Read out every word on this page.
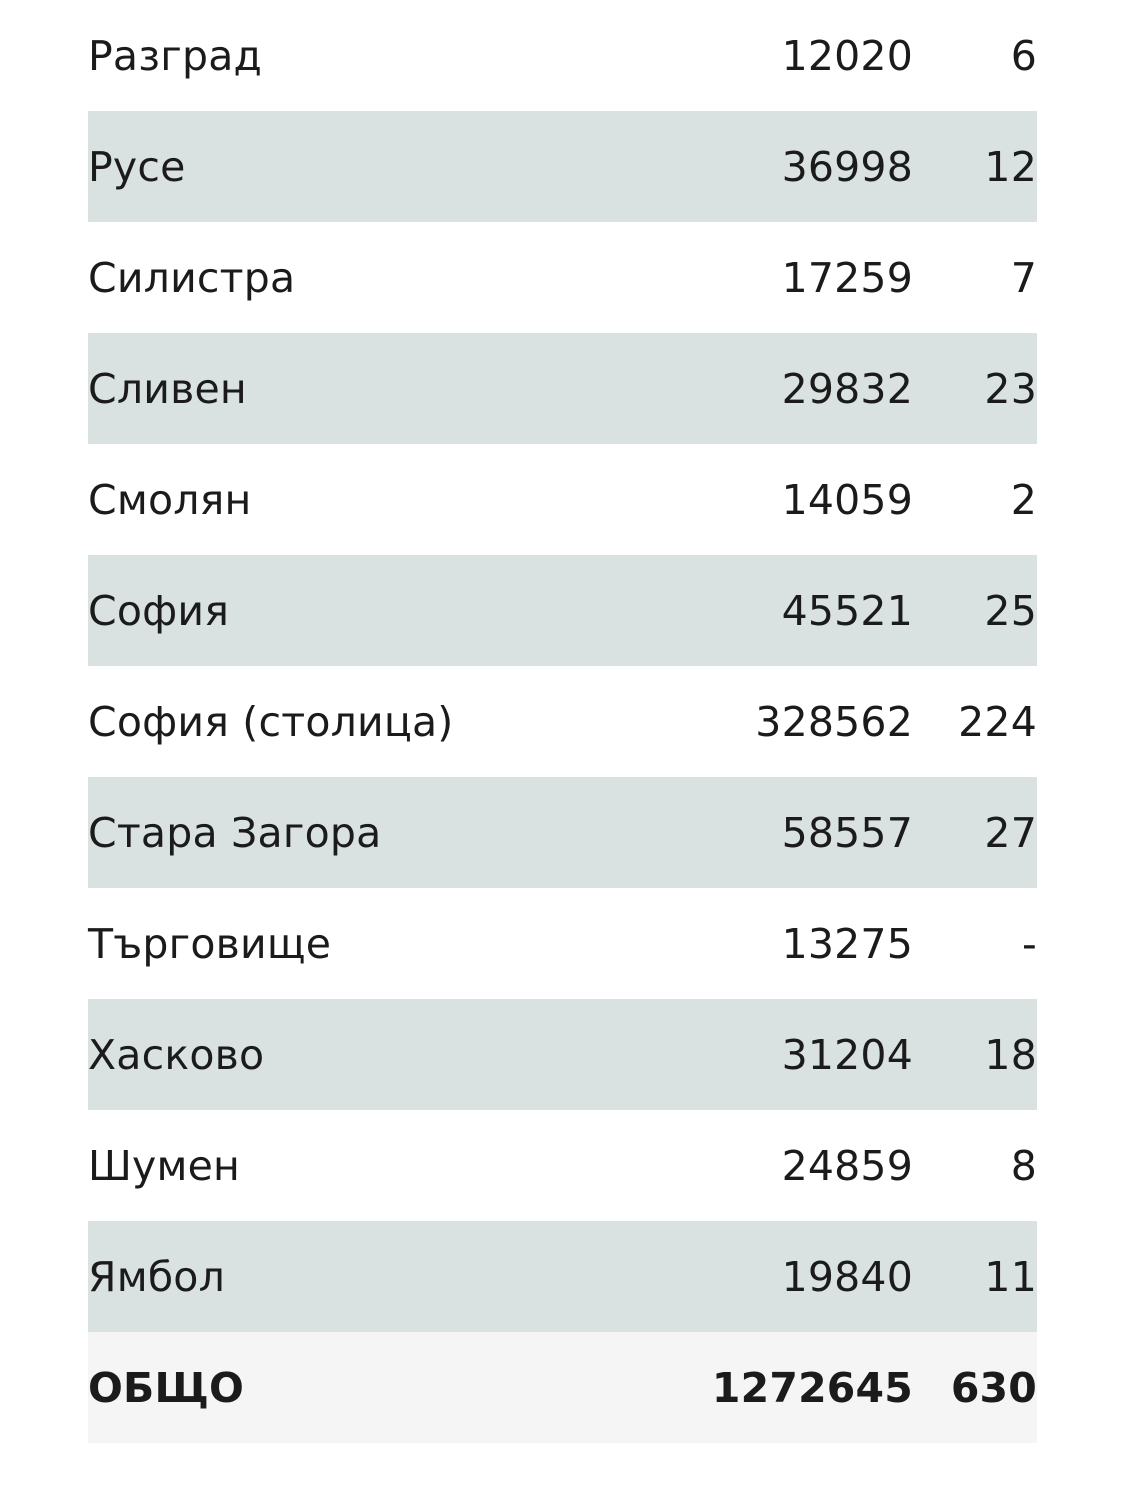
Разград	12020	6
Русе	36998	12
Силистра	17259	7
Сливен	29832	23
Смолян	14059	2
София	45521	25
София (столица)	328562	224
Стара Загора	58557	27
Търговище	13275	-
Хасково	31204	18
Шумен	24859	8
Ямбол	19840	11
ОБЩО	1272645	630
